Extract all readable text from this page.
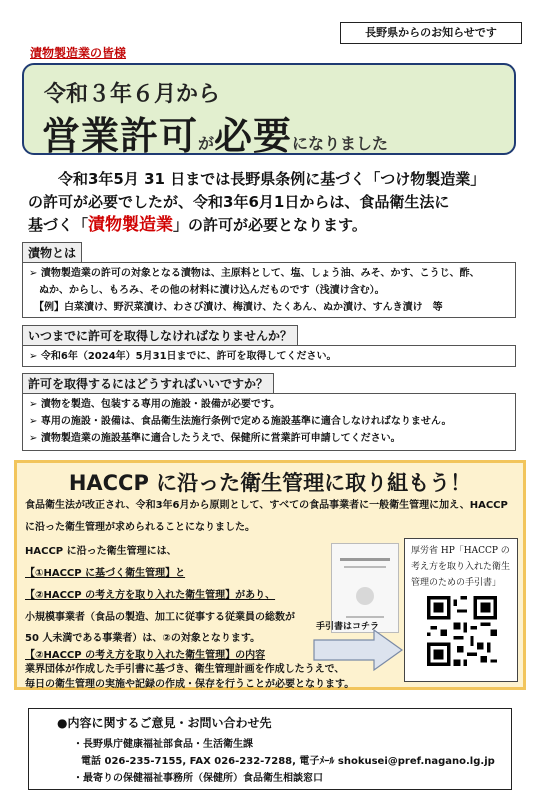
長野県からのお知らせです
漬物製造業の皆様
令和３年６月から
営業許可が必要になりました
令和3年5月 31 日までは長野県条例に基づく「つけ物製造業」
の許可が必要でしたが、令和3年6月1日からは、食品衛生法に
基づく「漬物製造業」の許可が必要となります。
漬物とは
➢ 漬物製造業の許可の対象となる漬物は、主原料として、塩、しょう油、みそ、かす、こうじ、酢、
　ぬか、からし、もろみ、その他の材料に漬け込んだものです（浅漬け含む）。
　【例】白菜漬け、野沢菜漬け、わさび漬け、梅漬け、たくあん、ぬか漬け、すんき漬け　等
いつまでに許可を取得しなければなりませんか？
➢ 令和6年（2024年）5月31日までに、許可を取得してください。
許可を取得するにはどうすればいいですか？
➢ 漬物を製造、包装する専用の施設・設備が必要です。
➢ 専用の施設・設備は、食品衛生法施行条例で定める施設基準に適合しなければなりません。
➢ 漬物製造業の施設基準に適合したうえで、保健所に営業許可申請してください。
HACCP に沿った衛生管理に取り組もう！
食品衛生法が改正され、令和3年6月から原則として、すべての食品事業者に一般衛生管理に加え、HACCP
に沿った衛生管理が求められることになりました。
HACCP に沿った衛生管理には、
【①HACCP に基づく衛生管理】と
【②HACCP の考え方を取り入れた衛生管理】があり、
小規模事業者（食品の製造、加工に従事する従業員の総数が
50 人未満である事業者）は、②の対象となります。
【②HACCP の考え方を取り入れた衛生管理】の内容
業界団体が作成した手引書に基づき、衛生管理計画を作成したうえで、
毎日の衛生管理の実施や記録の作成・保存を行うことが必要となります。
手引書はコチラ
厚労省 HP「HACCP の考え方を取り入れた衛生管理のための手引書」
●内容に関するご意見・お問い合わせ先
・長野県庁健康福祉部食品・生活衛生課
電話 026-235-7155, FAX 026-232-7288, 電子ﾒｰﾙ shokusei@pref.nagano.lg.jp
・最寄りの保健福祉事務所（保健所）食品衛生相談窓口
